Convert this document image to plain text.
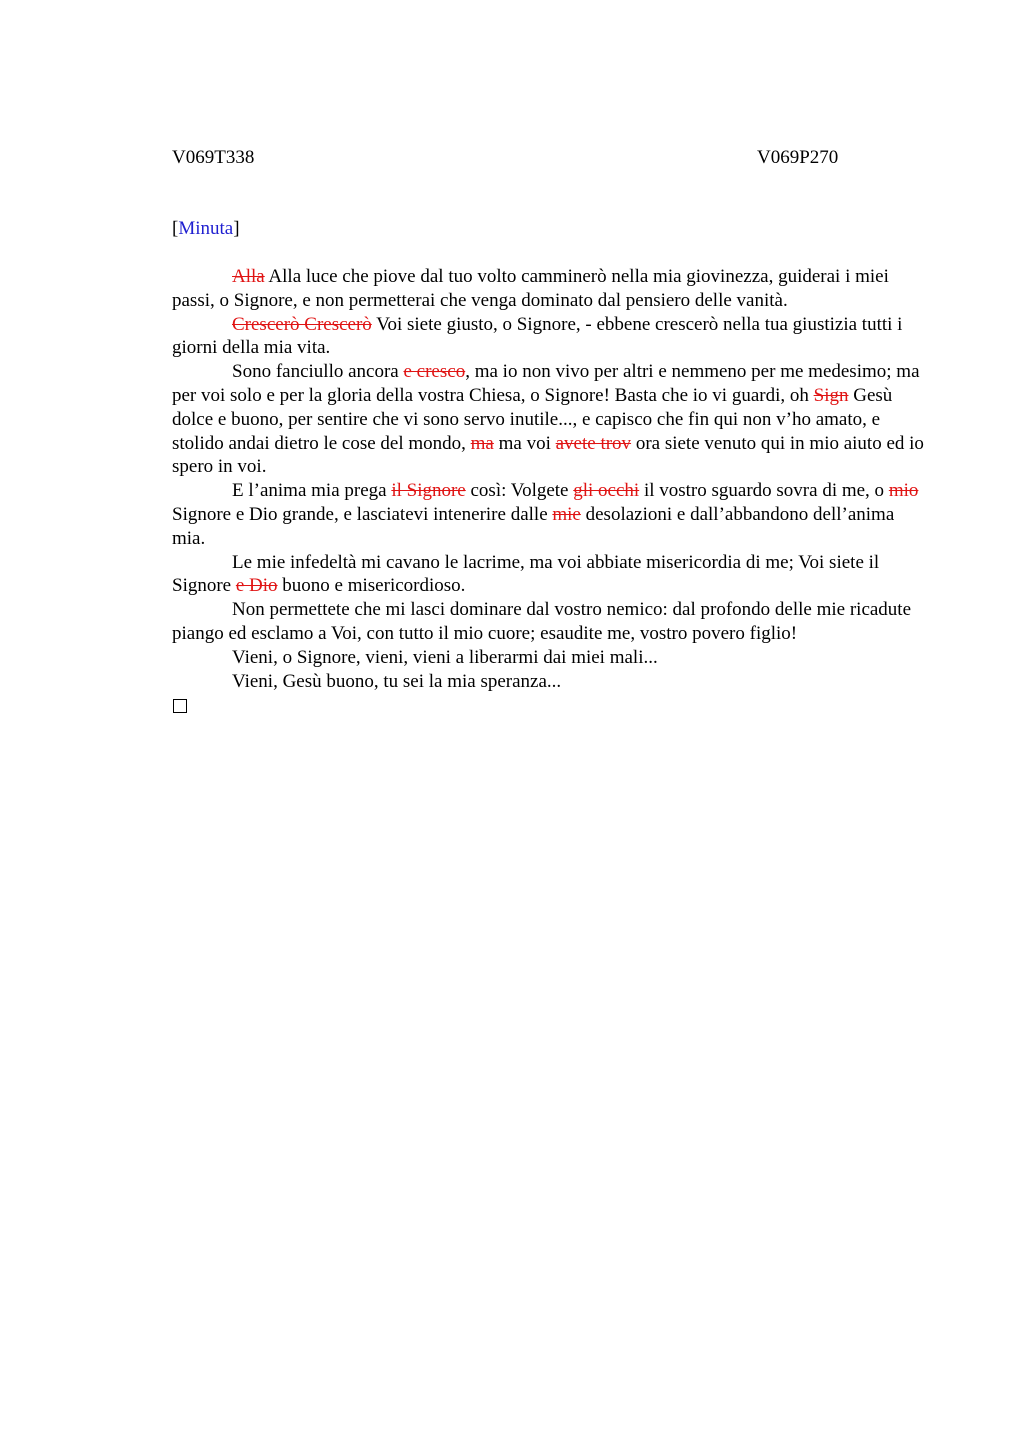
V069T338	V069P270
[Minuta]

Alla Alla luce che piove dal tuo volto camminerò nella mia giovinezza, guiderai i miei passi, o Signore, e non permetterai che venga dominato dal pensiero delle vanità.

Crescerò Crescerò Voi siete giusto, o Signore, - ebbene crescerò nella tua giustizia tutti i giorni della mia vita.

Sono fanciullo ancora e cresco, ma io non vivo per altri e nemmeno per me medesimo; ma per voi solo e per la gloria della vostra Chiesa, o Signore! Basta che io vi guardi, oh Sign Gesù dolce e buono, per sentire che vi sono servo inutile..., e capisco che fin qui non v’ho amato, e stolido andai dietro le cose del mondo, ma ma voi avete trov ora siete venuto qui in mio aiuto ed io spero in voi.

E l’anima mia prega il Signore così: Volgete gli occhi il vostro sguardo sovra di me, o mio Signore e Dio grande, e lasciatevi intenerire dalle mie desolazioni e dall’abbandono dell’anima mia.

Le mie infedeltà mi cavano le lacrime, ma voi abbiate misericordia di me; Voi siete il Signore e Dio buono e misericordioso.

Non permettete che mi lasci dominare dal vostro nemico: dal profondo delle mie ricadute piango ed esclamo a Voi, con tutto il mio cuore; esaudite me, vostro povero figlio!

Vieni, o Signore, vieni, vieni a liberarmi dai miei mali...

Vieni, Gesù buono, tu sei la mia speranza...
